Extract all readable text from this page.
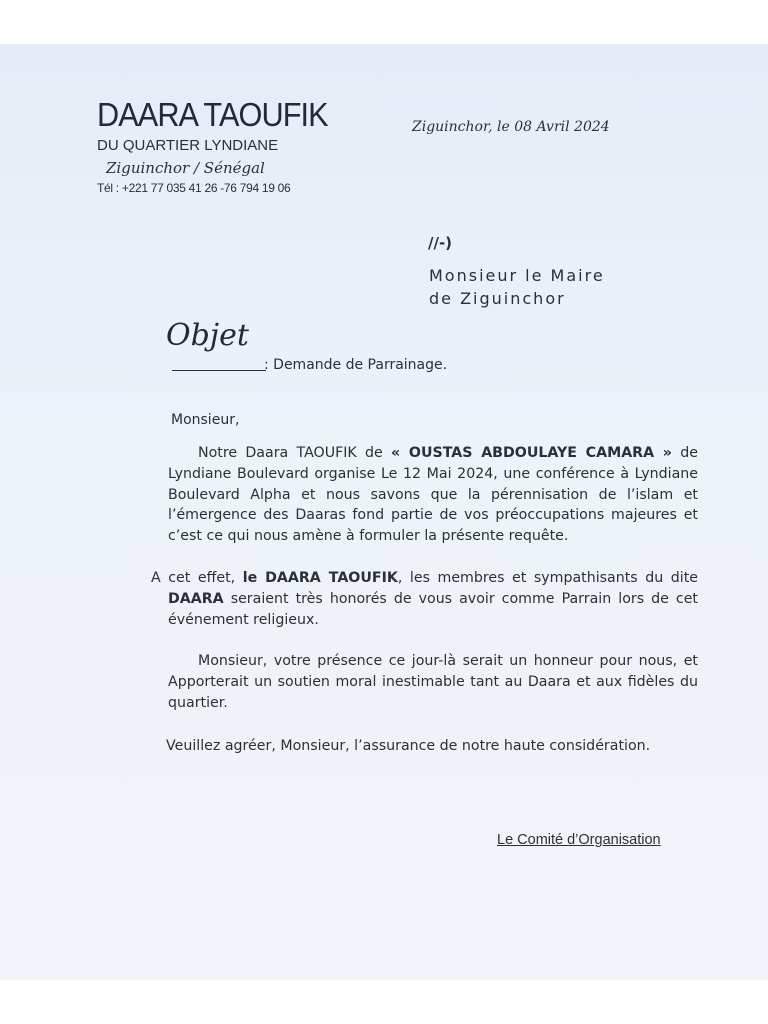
DAARA TAOUFIK
DU QUARTIER LYNDIANE
Ziguinchor / Sénégal
Tél : +221 77 035 41 26 -76 794 19 06
Ziguinchor, le 08 Avril 2024
//-)
Monsieur le Maire
de Ziguinchor
Objet
: Demande de Parrainage.
Monsieur,

Notre Daara TAOUFIK de « OUSTAS ABDOULAYE CAMARA » de Lyndiane Boulevard organise Le 12 Mai 2024, une conférence à Lyndiane Boulevard Alpha et nous savons que la pérennisation de l’islam et l’émergence des Daaras fond partie de vos préoccupations majeures et c’est ce qui nous amène à formuler la présente requête.

A cet effet, le DAARA TAOUFIK, les membres et sympathisants du dite DAARA seraient très honorés de vous avoir comme Parrain lors de cet événement religieux.

Monsieur, votre présence ce jour-là serait un honneur pour nous, et Apporterait un soutien moral inestimable tant au Daara et aux fidèles du quartier.

Veuillez agréer, Monsieur, l’assurance de notre haute considération.

Le Comité d’Organisation
